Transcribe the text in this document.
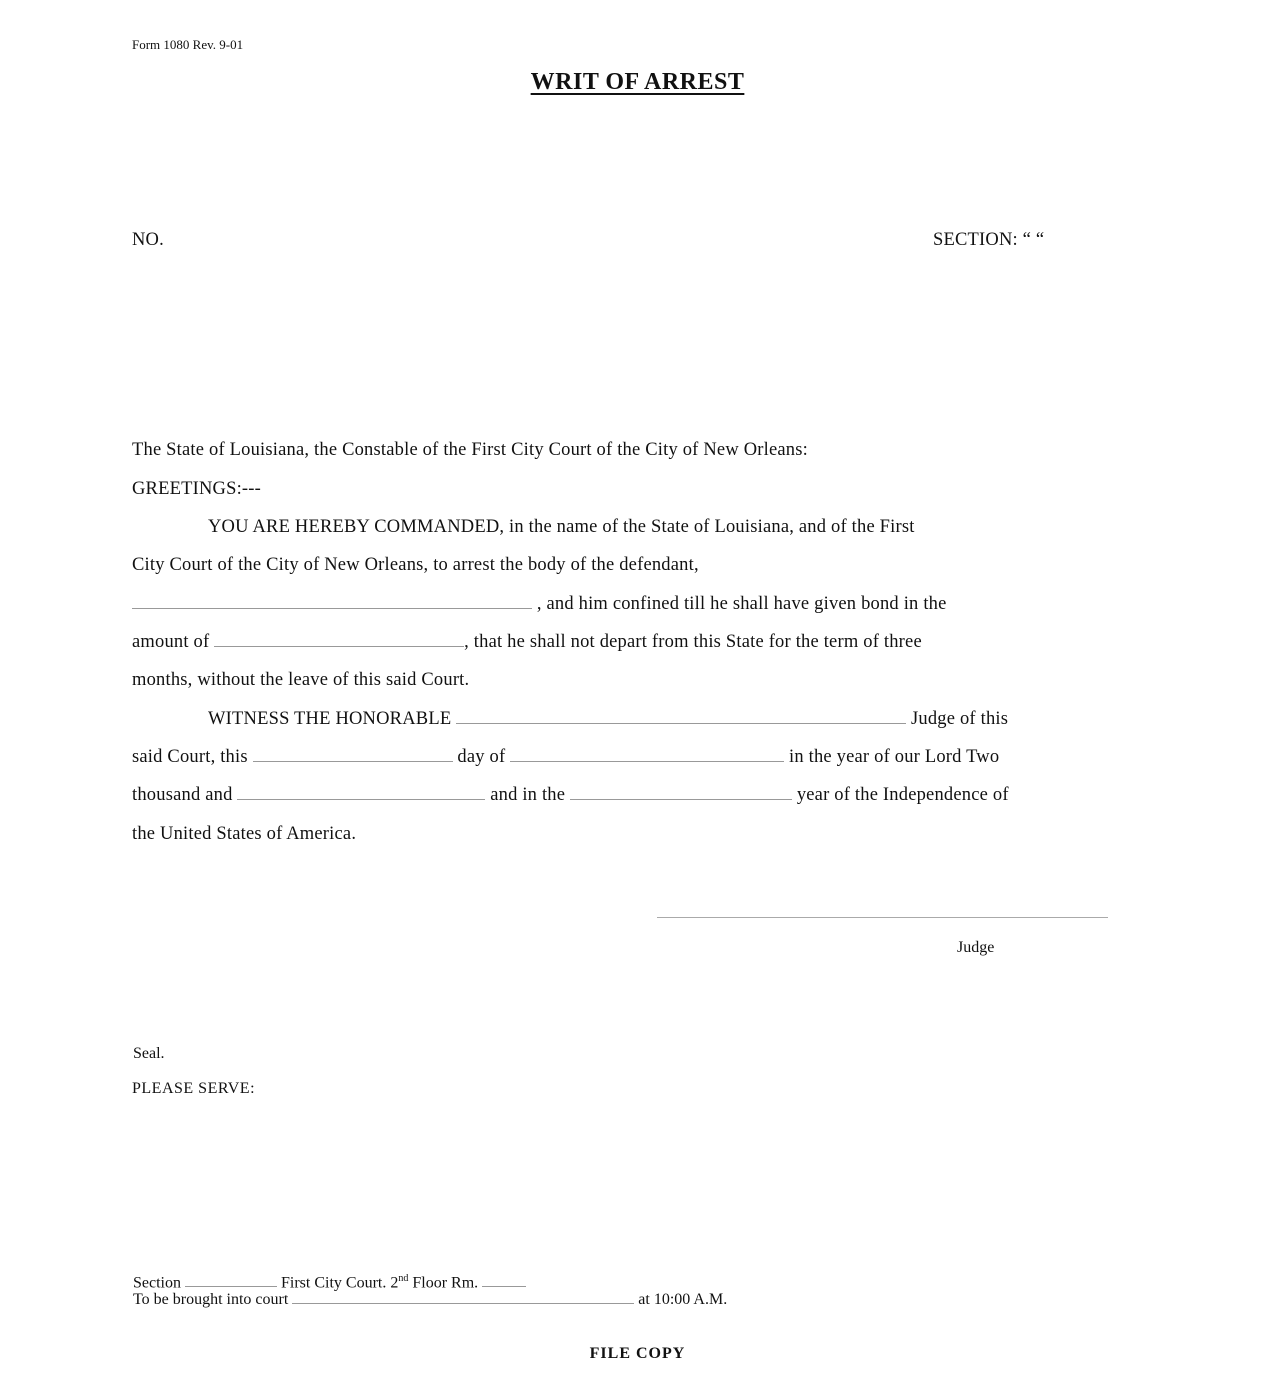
Form 1080 Rev. 9-01
WRIT OF ARREST
NO.	SECTION: “ “
The State of Louisiana, the Constable of the First City Court of the City of New Orleans:
GREETINGS:---
YOU ARE HEREBY COMMANDED, in the name of the State of Louisiana, and of the First
City Court of the City of New Orleans, to arrest the body of the defendant,
, and him confined till he shall have given bond in the
amount of	, that he shall not depart from this State for the term of three
months, without the leave of this said Court.
WITNESS THE HONORABLE	Judge of this
said Court, this	day of	in the year of our Lord Two
thousand and	and in the	year of the Independence of
the United States of America.
Judge
Seal.
PLEASE SERVE:
Section	First City Court. 2nd Floor Rm.
To be brought into court	at 10:00 A.M.
FILE COPY
